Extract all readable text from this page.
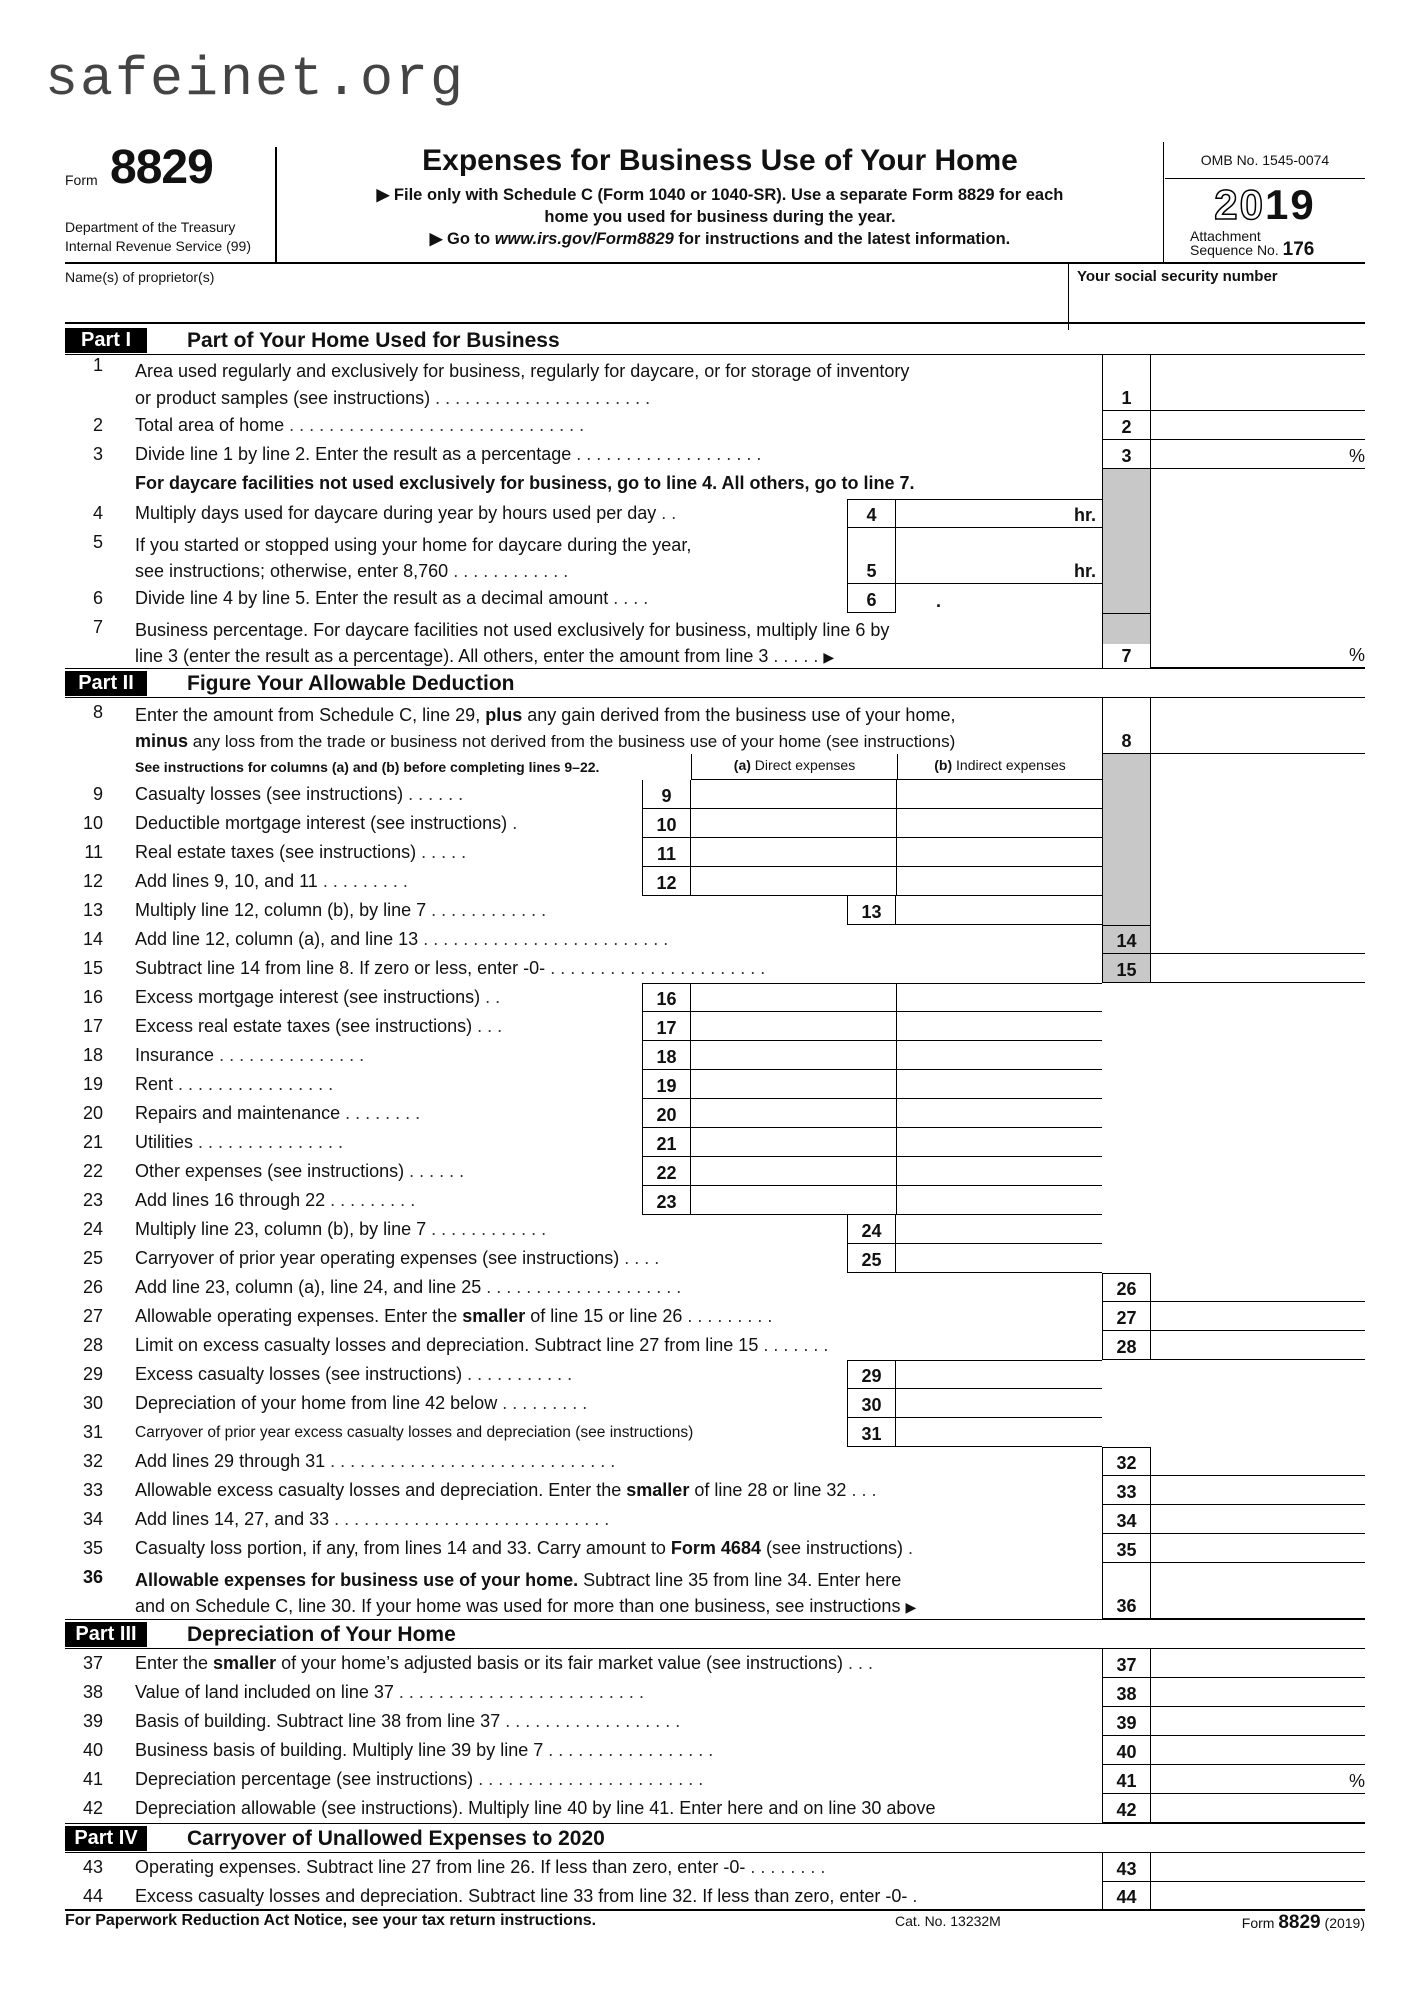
safeinet.org
Form 8829
Department of the Treasury
Internal Revenue Service (99)
Expenses for Business Use of Your Home
▶ File only with Schedule C (Form 1040 or 1040-SR). Use a separate Form 8829 for each
home you used for business during the year.
▶ Go to www.irs.gov/Form8829 for instructions and the latest information.
OMB No. 1545-0074
2019
Attachment
Sequence No. 176
Name(s) of proprietor(s)	Your social security number
Part I	Part of Your Home Used for Business
1 Area used regularly and exclusively for business, regularly for daycare, or for storage of inventory
or product samples (see instructions) . . . . . . . . . . . . . . . . . . . . . .	1
2 Total area of home . . . . . . . . . . . . . . . . . . . . . . . . . . . . . .	2
3 Divide line 1 by line 2. Enter the result as a percentage . . . . . . . . . . . . . . . . . . .	3	%
For daycare facilities not used exclusively for business, go to line 4. All others, go to line 7.
4 Multiply days used for daycare during year by hours used per day . .	4	hr.
5 If you started or stopped using your home for daycare during the year,
see instructions; otherwise, enter 8,760 . . . . . . . . . . . .	5	hr.
6 Divide line 4 by line 5. Enter the result as a decimal amount . . . .	6	.
7 Business percentage. For daycare facilities not used exclusively for business, multiply line 6 by
line 3 (enter the result as a percentage). All others, enter the amount from line 3 . . . . . ▶	7	%
Part II	Figure Your Allowable Deduction
8 Enter the amount from Schedule C, line 29, plus any gain derived from the business use of your home,
minus any loss from the trade or business not derived from the business use of your home (see instructions)	8
See instructions for columns (a) and (b) before completing lines 9–22.	(a) Direct expenses	(b) Indirect expenses
9 Casualty losses (see instructions) . . . . . .	9
10 Deductible mortgage interest (see instructions) .	10
11 Real estate taxes (see instructions) . . . . .	11
12 Add lines 9, 10, and 11 . . . . . . . . .	12
13 Multiply line 12, column (b), by line 7 . . . . . . . . . . . .	13
14 Add line 12, column (a), and line 13 . . . . . . . . . . . . . . . . . . . . . . . . .	14
15 Subtract line 14 from line 8. If zero or less, enter -0- . . . . . . . . . . . . . . . . . . . . . .	15
16 Excess mortgage interest (see instructions) . .	16
17 Excess real estate taxes (see instructions) . . .	17
18 Insurance . . . . . . . . . . . . . . .	18
19 Rent . . . . . . . . . . . . . . . .	19
20 Repairs and maintenance . . . . . . . .	20
21 Utilities . . . . . . . . . . . . . . .	21
22 Other expenses (see instructions) . . . . . .	22
23 Add lines 16 through 22 . . . . . . . . .	23
24 Multiply line 23, column (b), by line 7 . . . . . . . . . . . .	24
25 Carryover of prior year operating expenses (see instructions) . . . .	25
26 Add line 23, column (a), line 24, and line 25 . . . . . . . . . . . . . . . . . . . .	26
27 Allowable operating expenses. Enter the smaller of line 15 or line 26 . . . . . . . . .	27
28 Limit on excess casualty losses and depreciation. Subtract line 27 from line 15 . . . . . . .	28
29 Excess casualty losses (see instructions) . . . . . . . . . . .	29
30 Depreciation of your home from line 42 below . . . . . . . . .	30
31 Carryover of prior year excess casualty losses and depreciation (see instructions)	31
32 Add lines 29 through 31 . . . . . . . . . . . . . . . . . . . . . . . . . . . . .	32
33 Allowable excess casualty losses and depreciation. Enter the smaller of line 28 or line 32 . . .	33
34 Add lines 14, 27, and 33 . . . . . . . . . . . . . . . . . . . . . . . . . . . .	34
35 Casualty loss portion, if any, from lines 14 and 33. Carry amount to Form 4684 (see instructions) .	35
36 Allowable expenses for business use of your home. Subtract line 35 from line 34. Enter here
and on Schedule C, line 30. If your home was used for more than one business, see instructions ▶	36
Part III	Depreciation of Your Home
37 Enter the smaller of your home’s adjusted basis or its fair market value (see instructions) . . .	37
38 Value of land included on line 37 . . . . . . . . . . . . . . . . . . . . . . . . .	38
39 Basis of building. Subtract line 38 from line 37 . . . . . . . . . . . . . . . . . .	39
40 Business basis of building. Multiply line 39 by line 7 . . . . . . . . . . . . . . . . .	40
41 Depreciation percentage (see instructions) . . . . . . . . . . . . . . . . . . . . . . .	41	%
42 Depreciation allowable (see instructions). Multiply line 40 by line 41. Enter here and on line 30 above	42
Part IV	Carryover of Unallowed Expenses to 2020
43 Operating expenses. Subtract line 27 from line 26. If less than zero, enter -0- . . . . . . . .	43
44 Excess casualty losses and depreciation. Subtract line 33 from line 32. If less than zero, enter -0- .	44
For Paperwork Reduction Act Notice, see your tax return instructions.	Cat. No. 13232M	Form 8829 (2019)
